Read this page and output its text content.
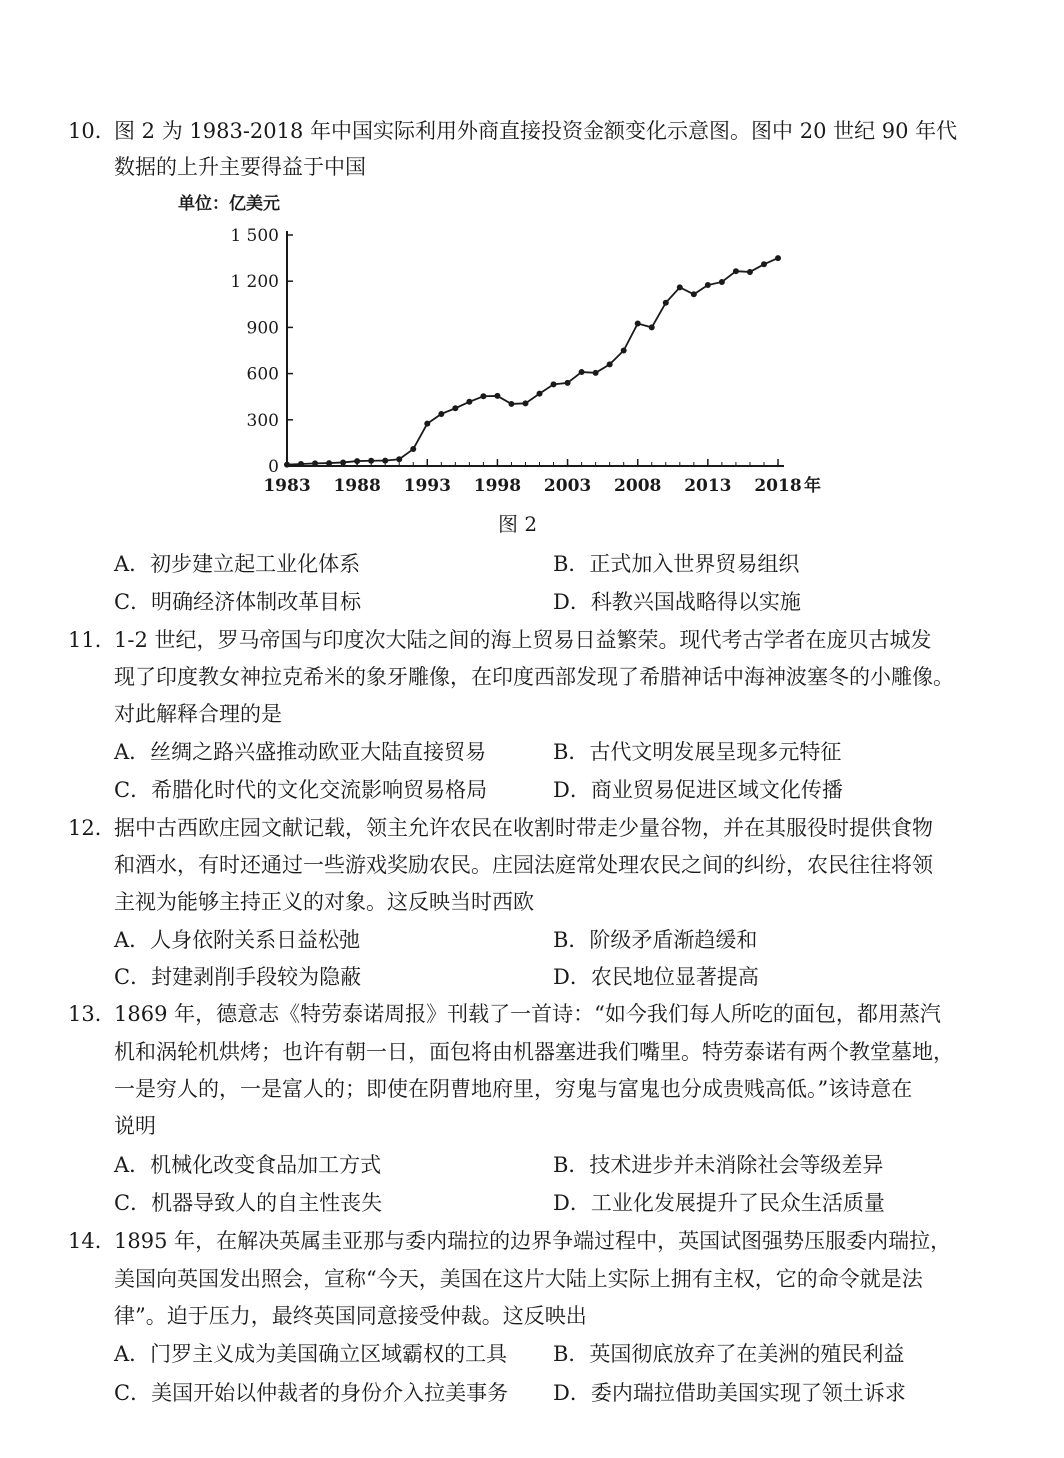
10．
图 2 为 1983-2018 年中国实际利用外商直接投资金额变化示意图。图中 20 世纪 90 年代
数据的上升主要得益于中国
A．初步建立起工业化体系	B．正式加入世界贸易组织
C．明确经济体制改革目标	D．科教兴国战略得以实施
11．
1-2 世纪，罗马帝国与印度次大陆之间的海上贸易日益繁荣。现代考古学者在庞贝古城发
现了印度教女神拉克希米的象牙雕像，在印度西部发现了希腊神话中海神波塞冬的小雕像。
对此解释合理的是
A．丝绸之路兴盛推动欧亚大陆直接贸易	B．古代文明发展呈现多元特征
C．希腊化时代的文化交流影响贸易格局	D．商业贸易促进区域文化传播
12．
据中古西欧庄园文献记载，领主允许农民在收割时带走少量谷物，并在其服役时提供食物
和酒水，有时还通过一些游戏奖励农民。庄园法庭常处理农民之间的纠纷，农民往往将领
主视为能够主持正义的对象。这反映当时西欧
A．人身依附关系日益松弛	B．阶级矛盾渐趋缓和
C．封建剥削手段较为隐蔽	D．农民地位显著提高
13．
1869 年，德意志《特劳泰诺周报》刊载了一首诗：“如今我们每人所吃的面包，都用蒸汽
机和涡轮机烘烤；也许有朝一日，面包将由机器塞进我们嘴里。特劳泰诺有两个教堂墓地，
一是穷人的，一是富人的；即使在阴曹地府里，穷鬼与富鬼也分成贵贱高低。”该诗意在
说明
A．机械化改变食品加工方式	B．技术进步并未消除社会等级差异
C．机器导致人的自主性丧失	D．工业化发展提升了民众生活质量
14．
1895 年，在解决英属圭亚那与委内瑞拉的边界争端过程中，英国试图强势压服委内瑞拉，
美国向英国发出照会，宣称“今天，美国在这片大陆上实际上拥有主权，它的命令就是法
律”。迫于压力，最终英国同意接受仲裁。这反映出
A．门罗主义成为美国确立区域霸权的工具 B．英国彻底放弃了在美洲的殖民利益
C．美国开始以仲裁者的身份介入拉美事务 D．委内瑞拉借助美国实现了领土诉求
单位：亿美元
0
300
600
900
1 200
1 500
1983 1988 1993 1998 2003 2008 2013 2018 年
图 2
